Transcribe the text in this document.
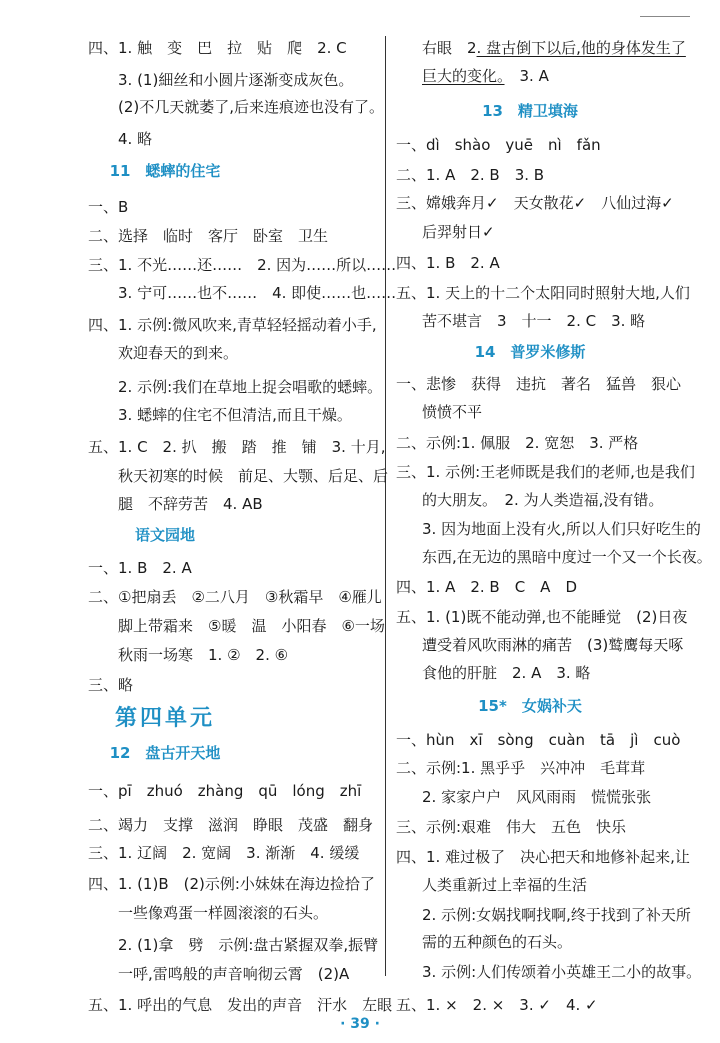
四、1. 触　变　巴　拉　贴　爬　2. C
3. (1)細丝和小圆片逐渐变成灰色。
(2)不几天就萎了,后来连痕迹也没有了。
4. 略
11　蟋蟀的住宅
一、B
二、选择　临时　客厅　卧室　卫生
三、1. 不光……还……　2. 因为……所以……
3. 宁可……也不……　4. 即使……也……
四、1. 示例:微风吹来,青草轻轻摇动着小手,
欢迎春天的到来。
2. 示例:我们在草地上捉会唱歌的蟋蟀。
3. 蟋蟀的住宅不但清洁,而且干燥。
五、1. C　2. 扒　搬　踏　推　铺　3. 十月,
秋天初寒的时候　前足、大颚、后足、后
腿　不辞劳苦　4. AB
语文园地
一、1. B　2. A
二、①把扇丢　②二八月　③秋霜早　④雁儿
脚上带霜来　⑤暖　温　小阳春　⑥一场
秋雨一场寒　1. ②　2. ⑥
三、略
第四单元
12　盘古开天地
一、pī　zhuó　zhàng　qū　lóng　zhī
二、竭力　支撑　滋润　睁眼　茂盛　翻身
三、1. 辽阔　2. 宽阔　3. 渐渐　4. 缓缓
四、1. (1)B　(2)示例:小妹妹在海边捡拾了
一些像鸡蛋一样圆滚滚的石头。
2. (1)拿　劈　示例:盘古紧握双拳,振臂
一呼,雷鸣般的声音响彻云霄　(2)A
五、1. 呼出的气息　发出的声音　汗水　左眼
右眼　2. 盘古倒下以后,他的身体发生了
巨大的变化。　3. A
13　精卫填海
一、dì　shào　yuē　nì　fǎn
二、1. A　2. B　3. B
三、嫦娥奔月✓　天女散花✓　八仙过海✓
后羿射日✓
四、1. B　2. A
五、1. 天上的十二个太阳同时照射大地,人们
苦不堪言　3　十一　2. C　3. 略
14　普罗米修斯
一、悲惨　获得　违抗　著名　猛兽　狠心
愤愤不平
二、示例:1. 佩服　2. 宽恕　3. 严格
三、1. 示例:王老师既是我们的老师,也是我们
的大朋友。　2. 为人类造福,没有错。
3. 因为地面上没有火,所以人们只好吃生的
东西,在无边的黑暗中度过一个又一个长夜。
四、1. A　2. B　C　A　D
五、1. (1)既不能动弹,也不能睡觉　(2)日夜
遭受着风吹雨淋的痛苦　(3)鹫鹰每天啄
食他的肝脏　2. A　3. 略
15*　女娲补天
一、hùn　xī　sòng　cuàn　tā　jì　cuò
二、示例:1. 黑乎乎　兴冲冲　毛茸茸
2. 家家户户　风风雨雨　慌慌张张
三、示例:艰难　伟大　五色　快乐
四、1. 难过极了　决心把天和地修补起来,让
人类重新过上幸福的生活
2. 示例:女娲找啊找啊,终于找到了补天所
需的五种颜色的石头。
3. 示例:人们传颂着小英雄王二小的故事。
五、1. ×　2. ×　3. ✓　4. ✓
· 39 ·
